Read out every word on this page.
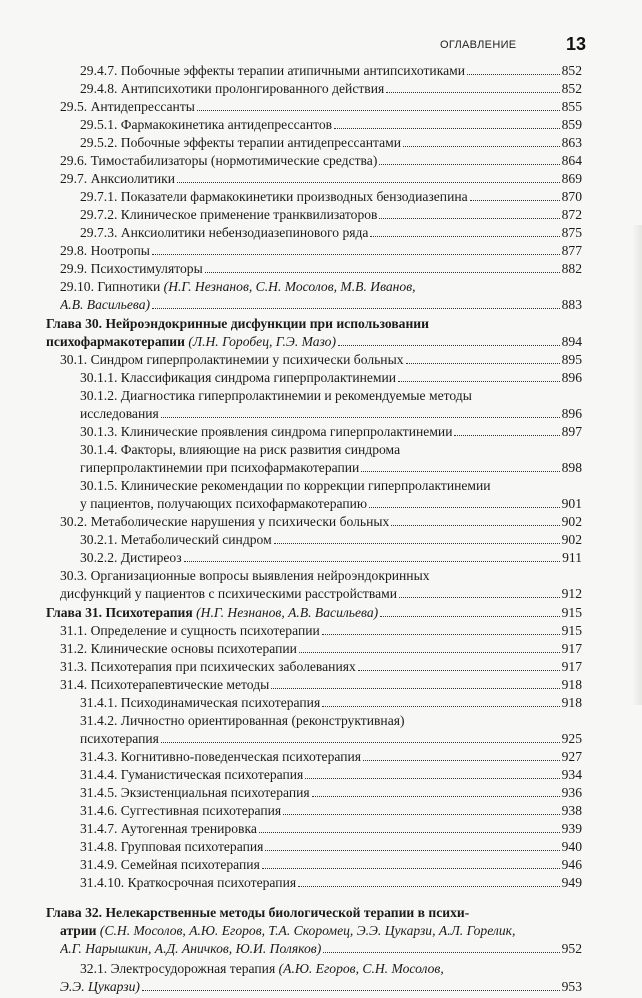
ОГЛАВЛЕНИЕ	13
29.4.7. Побочные эффекты терапии атипичными антипсихотиками	852
29.4.8. Антипсихотики пролонгированного действия	852
29.5. Антидепрессанты	855
29.5.1. Фармакокинетика антидепрессантов	859
29.5.2. Побочные эффекты терапии антидепрессантами	863
29.6. Тимостабилизаторы (нормотимические средства)	864
29.7. Анксиолитики	869
29.7.1. Показатели фармакокинетики производных бензодиазепина	870
29.7.2. Клиническое применение транквилизаторов	872
29.7.3. Анксиолитики небензодиазепинового ряда	875
29.8. Ноотропы	877
29.9. Психостимуляторы	882
29.10. Гипнотики (Н.Г. Незнанов, С.Н. Мосолов, М.В. Иванов,
А.В. Васильева)	883
Глава 30. Нейроэндокринные дисфункции при использовании
психофармакотерапии (Л.Н. Горобец, Г.Э. Мазо)	894
30.1. Синдром гиперпролактинемии у психически больных	895
30.1.1. Классификация синдрома гиперпролактинемии	896
30.1.2. Диагностика гиперпролактинемии и рекомендуемые методы
исследования	896
30.1.3. Клинические проявления синдрома гиперпролактинемии	897
30.1.4. Факторы, влияющие на риск развития синдрома
гиперпролактинемии при психофармакотерапии	898
30.1.5. Клинические рекомендации по коррекции гиперпролактинемии
у пациентов, получающих психофармакотерапию	901
30.2. Метаболические нарушения у психически больных	902
30.2.1. Метаболический синдром	902
30.2.2. Дистиреоз	911
30.3. Организационные вопросы выявления нейроэндокринных
дисфункций у пациентов с психическими расстройствами	912
Глава 31. Психотерапия (Н.Г. Незнанов, А.В. Васильева)	915
31.1. Определение и сущность психотерапии	915
31.2. Клинические основы психотерапии	917
31.3. Психотерапия при психических заболеваниях	917
31.4. Психотерапевтические методы	918
31.4.1. Психодинамическая психотерапия	918
31.4.2. Личностно ориентированная (реконструктивная)
психотерапия	925
31.4.3. Когнитивно-поведенческая психотерапия	927
31.4.4. Гуманистическая психотерапия	934
31.4.5. Экзистенциальная психотерапия	936
31.4.6. Суггестивная психотерапия	938
31.4.7. Аутогенная тренировка	939
31.4.8. Групповая психотерапия	940
31.4.9. Семейная психотерапия	946
31.4.10. Краткосрочная психотерапия	949
Глава 32. Нелекарственные методы биологической терапии в психи-
атрии (С.Н. Мосолов, А.Ю. Егоров, Т.А. Скоромец, Э.Э. Цукарзи, А.Л. Горелик,
А.Г. Нарышкин, А.Д. Аничков, Ю.И. Поляков)	952
32.1. Электросудорожная терапия (А.Ю. Егоров, С.Н. Мосолов,
Э.Э. Цукарзи)	953
